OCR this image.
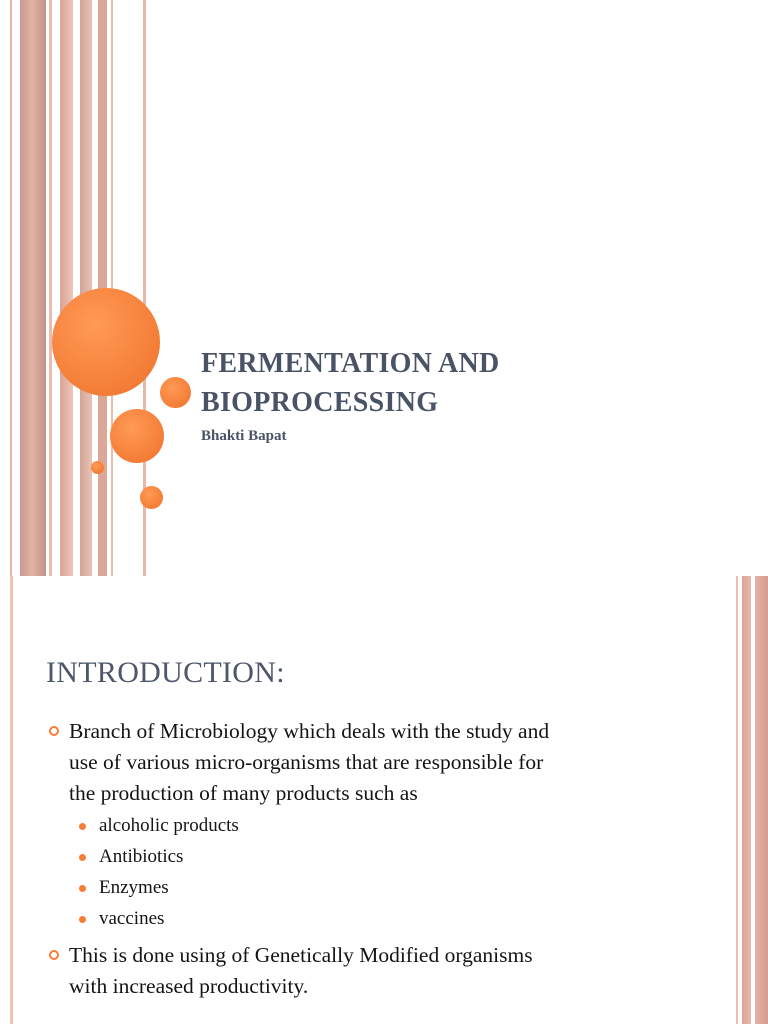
FERMENTATION AND
BIOPROCESSING

Bhakti Bapat

INTRODUCTION:
Branch of Microbiology which deals with the study and
use of various micro-organisms that are responsible for
the production of many products such as
alcoholic products
Antibiotics
Enzymes
vaccines
This is done using of Genetically Modified organisms
with increased productivity.
